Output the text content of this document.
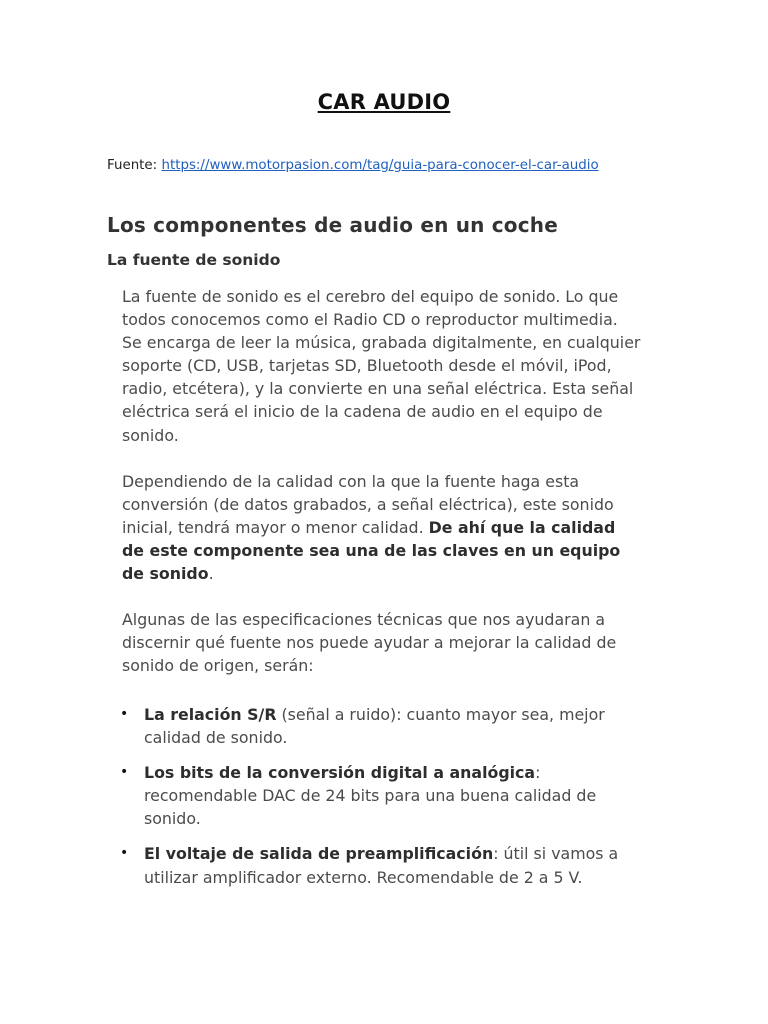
CAR AUDIO
Fuente: https://www.motorpasion.com/tag/guia-para-conocer-el-car-audio
Los componentes de audio en un coche
La fuente de sonido

La fuente de sonido es el cerebro del equipo de sonido. Lo que todos conocemos como el Radio CD o reproductor multimedia. Se encarga de leer la música, grabada digitalmente, en cualquier soporte (CD, USB, tarjetas SD, Bluetooth desde el móvil, iPod, radio, etcétera), y la convierte en una señal eléctrica. Esta señal eléctrica será el inicio de la cadena de audio en el equipo de sonido.

Dependiendo de la calidad con la que la fuente haga esta conversión (de datos grabados, a señal eléctrica), este sonido inicial, tendrá mayor o menor calidad. De ahí que la calidad de este componente sea una de las claves en un equipo de sonido.

Algunas de las especificaciones técnicas que nos ayudaran a discernir qué fuente nos puede ayudar a mejorar la calidad de sonido de origen, serán:

• La relación S/R (señal a ruido): cuanto mayor sea, mejor calidad de sonido.
• Los bits de la conversión digital a analógica: recomendable DAC de 24 bits para una buena calidad de sonido.
• El voltaje de salida de preamplificación: útil si vamos a utilizar amplificador externo. Recomendable de 2 a 5 V.
